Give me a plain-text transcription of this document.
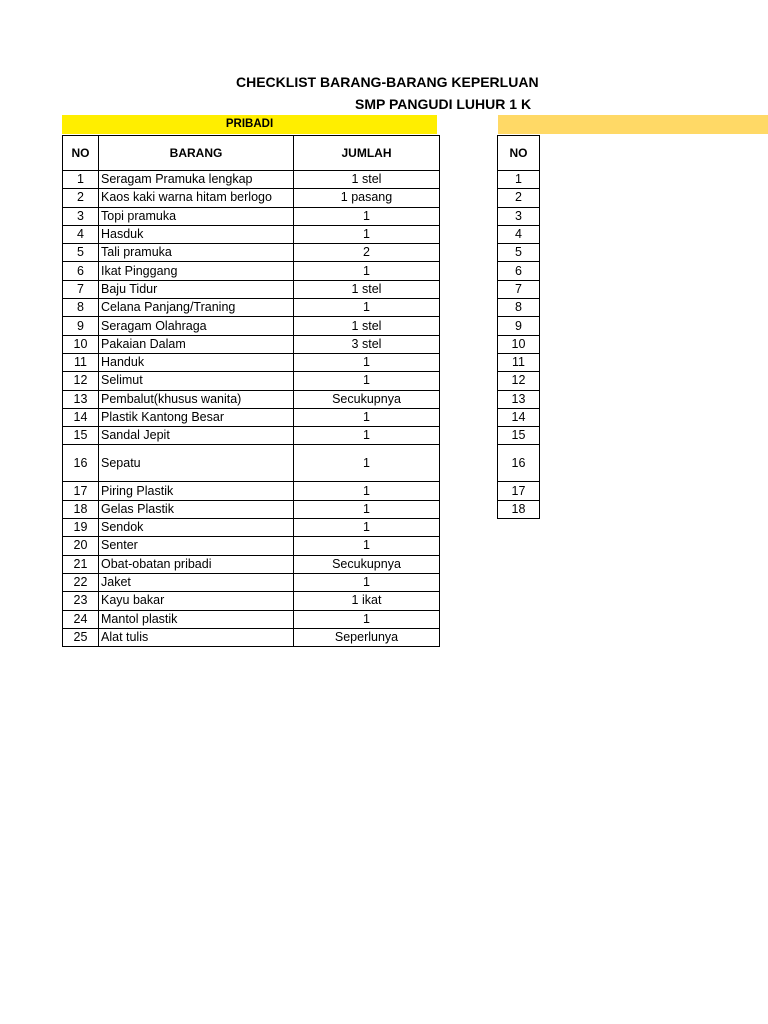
CHECKLIST BARANG-BARANG KEPERLUAN
SMP PANGUDI LUHUR 1 K
PRIBADI
NO	BARANG	JUMLAH
1	Seragam Pramuka lengkap	1 stel
2	Kaos kaki warna hitam berlogo	1 pasang
3	Topi pramuka	1
4	Hasduk	1
5	Tali pramuka	2
6	Ikat Pinggang	1
7	Baju Tidur	1 stel
8	Celana Panjang/Traning	1
9	Seragam Olahraga	1 stel
10	Pakaian Dalam	3 stel
11	Handuk	1
12	Selimut	1
13	Pembalut(khusus wanita)	Secukupnya
14	Plastik Kantong Besar	1
15	Sandal Jepit	1
16	Sepatu	1
17	Piring Plastik	1
18	Gelas Plastik	1
19	Sendok	1
20	Senter	1
21	Obat-obatan pribadi	Secukupnya
22	Jaket	1
23	Kayu bakar	1 ikat
24	Mantol plastik	1
25	Alat tulis	Seperlunya
NO
1
2
3
4
5
6
7
8
9
10
11
12
13
14
15
16
17
18
